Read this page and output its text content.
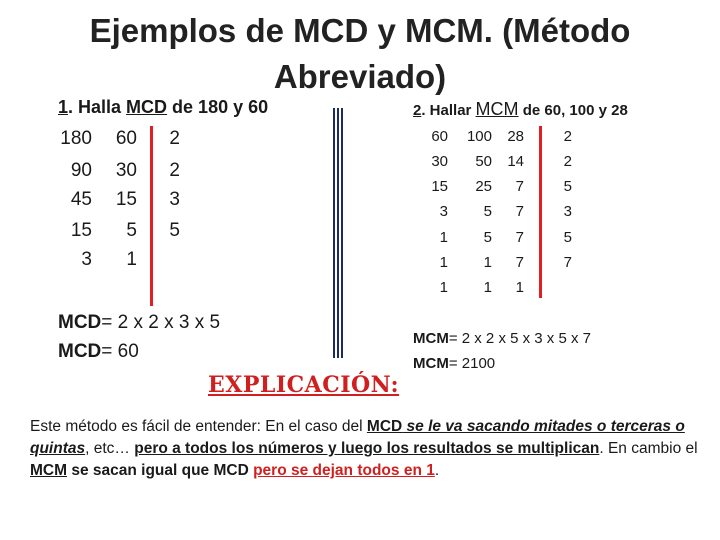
Ejemplos de MCD y MCM. (Método
Abreviado)
1. Halla MCD de 180 y 60
180	60	2
90	30	2
45	15	3
15	5	5
3	1
MCD= 2 x 2 x 3 x 5
MCD= 60
2. Hallar MCM de 60, 100 y 28
60	100	28	2
30	50	14	2
15	25	7	5
3	5	7	3
1	5	7	5
1	1	7	7
1	1	1
MCM= 2 x 2 x 5 x 3 x 5 x 7
MCM= 2100
EXPLICACIÓN:
Este método es fácil de entender: En el caso del MCD se le va sacando mitades o terceras o quintas, etc… pero a todos los números y luego los resultados se multiplican. En cambio el MCM se sacan igual que MCD pero se dejan todos en 1.
